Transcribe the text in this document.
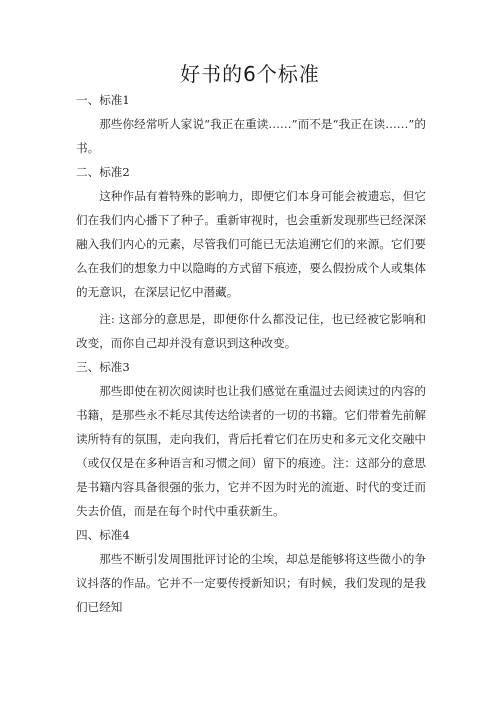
好书的6个标准

一、标准1

那些你经常听人家说“我正在重读……”而不是“我正在读……”的书。

二、标准2

这种作品有着特殊的影响力，即便它们本身可能会被遗忘，但它们在我们内心播下了种子。重新审视时，也会重新发现那些已经深深融入我们内心的元素，尽管我们可能已无法追溯它们的来源。它们要么在我们的想象力中以隐晦的方式留下痕迹，要么假扮成个人或集体的无意识，在深层记忆中潜藏。

注: 这部分的意思是，即便你什么都没记住，也已经被它影响和改变，而你自己却并没有意识到这种改变。

三、标准3

那些即使在初次阅读时也让我们感觉在重温过去阅读过的内容的书籍，是那些永不耗尽其传达给读者的一切的书籍。它们带着先前解读所特有的氛围，走向我们，背后托着它们在历史和多元文化交融中（或仅仅是在多种语言和习惯之间）留下的痕迹。注：这部分的意思是书籍内容具备很强的张力，它并不因为时光的流逝、时代的变迁而失去价值，而是在每个时代中重获新生。

四、标准4

那些不断引发周围批评讨论的尘埃，却总是能够将这些微小的争议抖落的作品。它并不一定要传授新知识；有时候，我们发现的是我们已经知
